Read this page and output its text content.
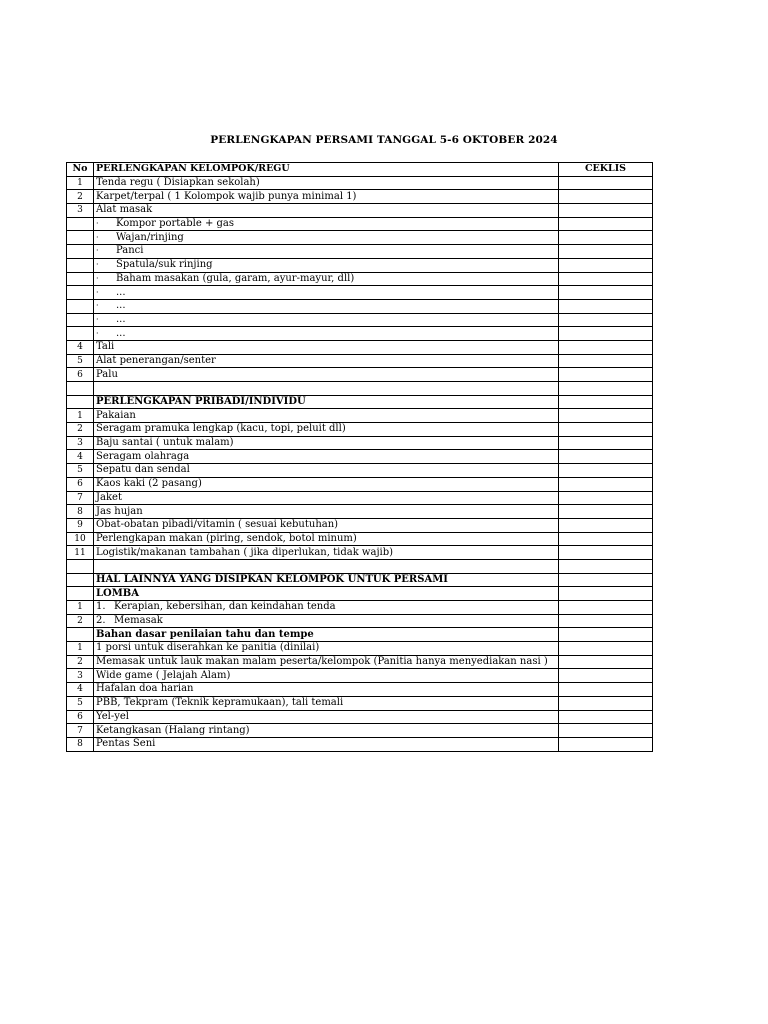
PERLENGKAPAN PERSAMI TANGGAL 5-6 OKTOBER 2024
No	PERLENGKAPAN KELOMPOK/REGU	CEKLIS
1	Tenda regu ( Disiapkan sekolah)	
2	Karpet/terpal ( 1 Kolompok wajib punya minimal 1)	
3	Alat masak	
	· Kompor portable + gas	
	· Wajan/rinjing	
	· Panci	
	· Spatula/suk rinjing	
	· Baham masakan (gula, garam, ayur-mayur, dll)	
	· ...	
	· ...	
	· ...	
	· ...	
4	Tali	
5	Alat penerangan/senter	
6	Palu	

	PERLENGKAPAN PRIBADI/INDIVIDU	
1	Pakaian	
2	Seragam pramuka lengkap (kacu, topi, peluit dll)	
3	Baju santai ( untuk malam)	
4	Seragam olahraga	
5	Sepatu dan sendal	
6	Kaos kaki (2 pasang)	
7	Jaket	
8	Jas hujan	
9	Obat-obatan pibadi/vitamin ( sesuai kebutuhan)	
10	Perlengkapan makan (piring, sendok, botol minum)	
11	Logistik/makanan tambahan ( jika diperlukan, tidak wajib)	

	HAL LAINNYA YANG DISIPKAN KELOMPOK UNTUK PERSAMI	
	LOMBA	
1	1. Kerapian, kebersihan, dan keindahan tenda	
2	2. Memasak	
	Bahan dasar penilaian tahu dan tempe	
1	1 porsi untuk diserahkan ke panitia (dinilai)	
2	Memasak untuk lauk makan malam peserta/kelompok (Panitia hanya menyediakan nasi )	
3	Wide game ( Jelajah Alam)	
4	Hafalan doa harian	
5	PBB, Tekpram (Teknik kepramukaan), tali temali	
6	Yel-yel	
7	Ketangkasan (Halang rintang)	
8	Pentas Seni	
